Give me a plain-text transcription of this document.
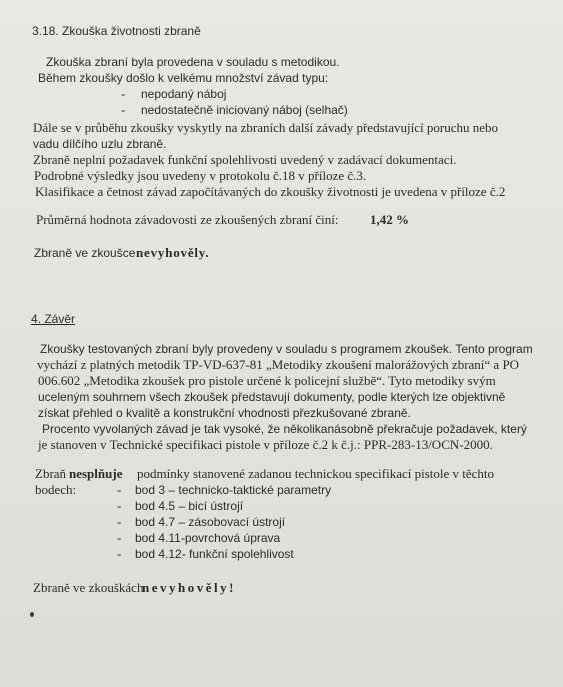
3.18. Zkouška životnosti zbraně
Zkouška zbraní byla provedena v souladu s metodikou.
Během zkoušky došlo k velkému množství závad typu:
- nepodaný náboj
- nedostatečně iniciovaný náboj (selhač)
Dále se v průběhu zkoušky vyskytly na zbraních další závady představující poruchu nebo
vadu dílčího uzlu zbraně.
Zbraně neplní požadavek funkční spolehlivosti uvedený v zadávací dokumentaci.
Podrobné výsledky jsou uvedeny v protokolu č.18 v příloze č.3.
Klasifikace a četnost závad započítávaných do zkoušky životnosti je uvedena v příloze č.2
Průměrná hodnota závadovosti ze zkoušených zbraní činí: 1,42 %
Zbraně ve zkoušce nevyhověly.
4. Závěr
Zkoušky testovaných zbraní byly provedeny v souladu s programem zkoušek. Tento program
vychází z platných metodik TP-VD-637-81 „Metodiky zkoušení malorážových zbraní“ a PO
006.602 „Metodika zkoušek pro pistole určené k policejní službě“. Tyto metodiky svým
uceleným souhrnem všech zkoušek představují dokumenty, podle kterých lze objektivně
získat přehled o kvalitě a konstrukční vhodnosti přezkušované zbraně.
Procento vyvolaných závad je tak vysoké, že několikanásobně překračuje požadavek, který
je stanoven v Technické specifikaci pistole v příloze č.2 k č.j.: PPR-283-13/OCN-2000.
Zbraň nesplňuje podmínky stanovené zadanou technickou specifikací pistole v těchto
bodech:	- bod 3 – technicko-taktické parametry
- bod 4.5 – bicí ústrojí
- bod 4.7 – zásobovací ústrojí
- bod 4.11-povrchová úprava
- bod 4.12- funkční spolehlivost
Zbraně ve zkouškách
nevyhověly!
